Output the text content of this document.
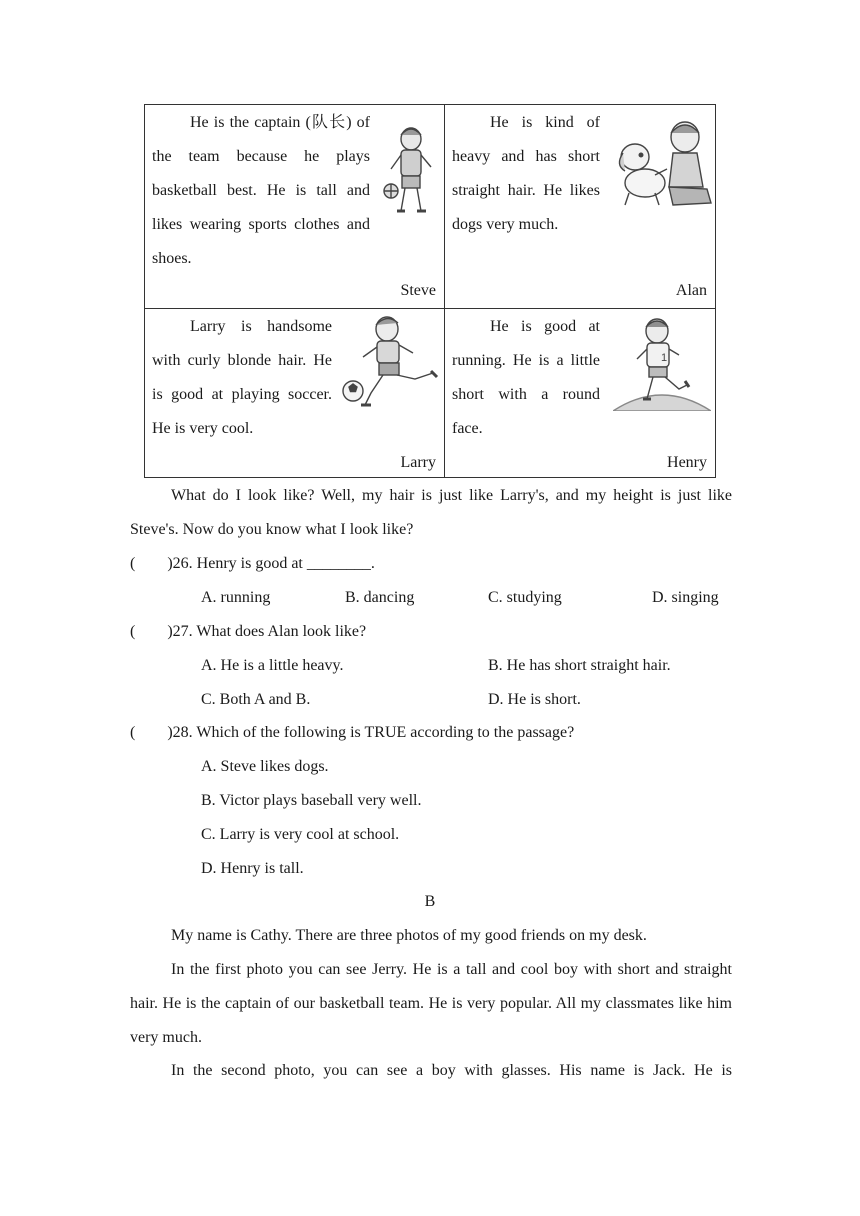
He is the captain (队长) of the team because he plays basketball best. He is tall and likes wearing sports clothes and shoes.
Steve
He is kind of heavy and has short straight hair. He likes dogs very much.
Alan
Larry is handsome with curly blonde hair. He is good at playing soccer. He is very cool.
Larry
He is good at running. He is a little short with a round face.
1
Henry
What do I look like? Well, my hair is just like Larry's, and my height is just like Steve's. Now do you know what I look like?
(  )26. Henry is good at ________.
A. running	B. dancing	C. studying	D. singing
(  )27. What does Alan look like?
A. He is a little heavy.	B. He has short straight hair.
C. Both A and B.	D. He is short.
(  )28. Which of the following is TRUE according to the passage?
A. Steve likes dogs.
B. Victor plays baseball very well.
C. Larry is very cool at school.
D. Henry is tall.
B
My name is Cathy. There are three photos of my good friends on my desk.
In the first photo you can see Jerry. He is a tall and cool boy with short and straight hair. He is the captain of our basketball team. He is very popular. All my classmates like him very much.
In the second photo, you can see a boy with glasses. His name is Jack. He is
